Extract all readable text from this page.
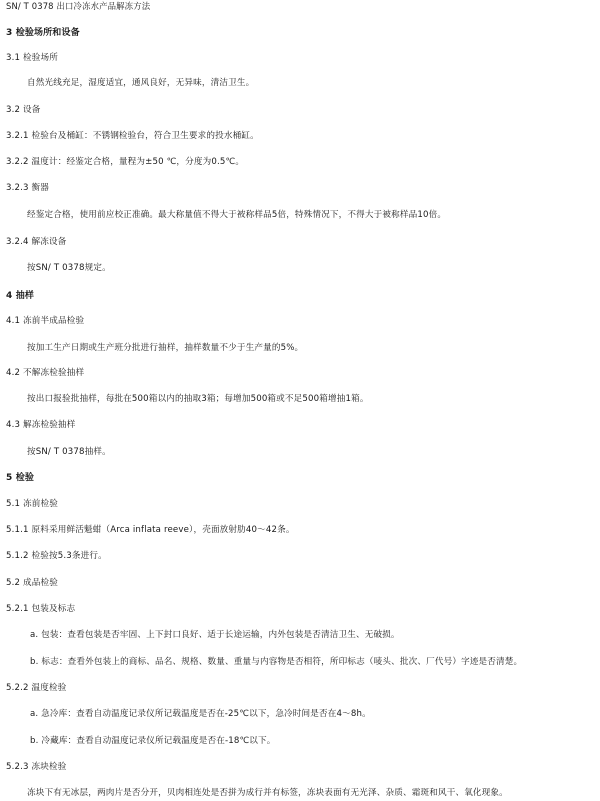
SN/ T 0378 出口冷冻水产品解冻方法
3 检验场所和设备
3.1 检验场所
自然光线充足，湿度适宜，通风良好，无异味，清洁卫生。
3.2 设备
3.2.1 检验台及桶缸：不锈钢检验台，符合卫生要求的投水桶缸。
3.2.2 温度计：经鉴定合格，量程为±50 ℃，分度为0.5℃。
3.2.3 衡器
经鉴定合格，使用前应校正准确。最大称量值不得大于被称样品5倍，特殊情况下，不得大于被称样品10倍。
3.2.4 解冻设备
按SN/ T 0378规定。
4 抽样
4.1 冻前半成品检验
按加工生产日期或生产班分批进行抽样，抽样数量不少于生产量的5%。
4.2 不解冻检验抽样
按出口报验批抽样，每批在500箱以内的抽取3箱；每增加500箱或不足500箱增抽1箱。
4.3 解冻检验抽样
按SN/ T 0378抽样。
5 检验
5.1 冻前检验
5.1.1 原料采用鲜活魁蚶（Arca inflata reeve），壳面放射肋40～42条。
5.1.2 检验按5.3条进行。
5.2 成品检验
5.2.1 包装及标志
a. 包装：查看包装是否牢固、上下封口良好、适于长途运输，内外包装是否清洁卫生、无破损。
b. 标志：查看外包装上的商标、品名、规格、数量、重量与内容物是否相符，所印标志（唛头、批次、厂代号）字迹是否清楚。
5.2.2 温度检验
a. 急冷库：查看自动温度记录仪所记载温度是否在-25℃以下，急冷时间是否在4～8h。
b. 冷藏库：查看自动温度记录仪所记载温度是否在-18℃以下。
5.2.3 冻块检验
冻块下有无冰层，两肉片是否分开，贝肉相连处是否拼为成行并有标签，冻块表面有无光泽、杂质、霜斑和风干、氧化现象。
